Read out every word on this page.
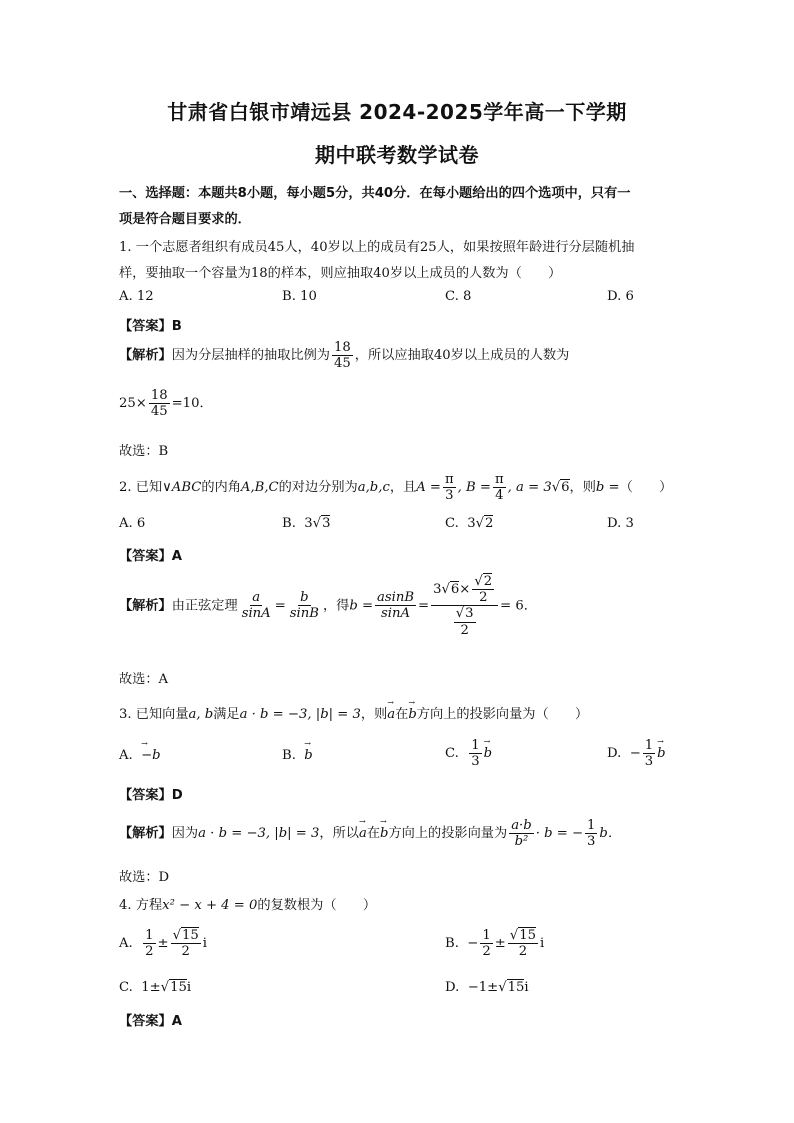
甘肃省白银市靖远县 2024-2025学年高一下学期
期中联考数学试卷
一、选择题：本题共8小题，每小题5分，共40分．在每小题给出的四个选项中，只有一
项是符合题目要求的．
1. 一个志愿者组织有成员45人，40岁以上的成员有25人，如果按照年龄进行分层随机抽
样，要抽取一个容量为18的样本，则应抽取40岁以上成员的人数为（　　）
A. 12	B. 10	C. 8	D. 6
【答案】B
【解析】因为分层抽样的抽取比例为 $\frac{18}{45}$ ，所以应抽取40岁以上成员的人数为
$25\times \frac{18}{45} =10$．
故选：B
2. 已知∨ABC的内角A,B,C的对边分别为a,b,c，且$A = \frac{\pi}{3}$ , $B = \frac{\pi}{4}$ , a = 3√6，则b =（　　）
A. 6	B. 3√3	C. 3√2	D. 3
【答案】A
【解析】由正弦定理 $\frac{a}{\sin A} = \frac{b}{\sin B}$ ，得$b = \frac{asinB}{\sin A} = \frac{3√6\times \frac{√2}{2}}{\frac{√3}{2}} = 6$．
故选：A
3. 已知向量a, b满足a · b = −3, |b| = 3，则→ a在→ b方向上的投影向量为（　　）
A.  → −b	B.  → b	C. $\frac{1}{3}$
→ b	D. − $\frac{1}{3}$
→ b
【答案】D
【解析】因为a · b = −3, |b| = 3，所以→ a在→ b方向上的投影向量为 $\frac{a\cdot b}{\text{b²}} \cdot b$ = − $\frac{1}{3}$ b．
故选：D
4. 方程x² − x + 4 = 0的复数根为（　　）
A. $\frac{1}{2} \pm \frac{√15}{2}$ i	B. − $\frac{1}{2} \pm \frac{√15}{2}$ i
C. 1±√15i	D. −1±√15i
【答案】A
